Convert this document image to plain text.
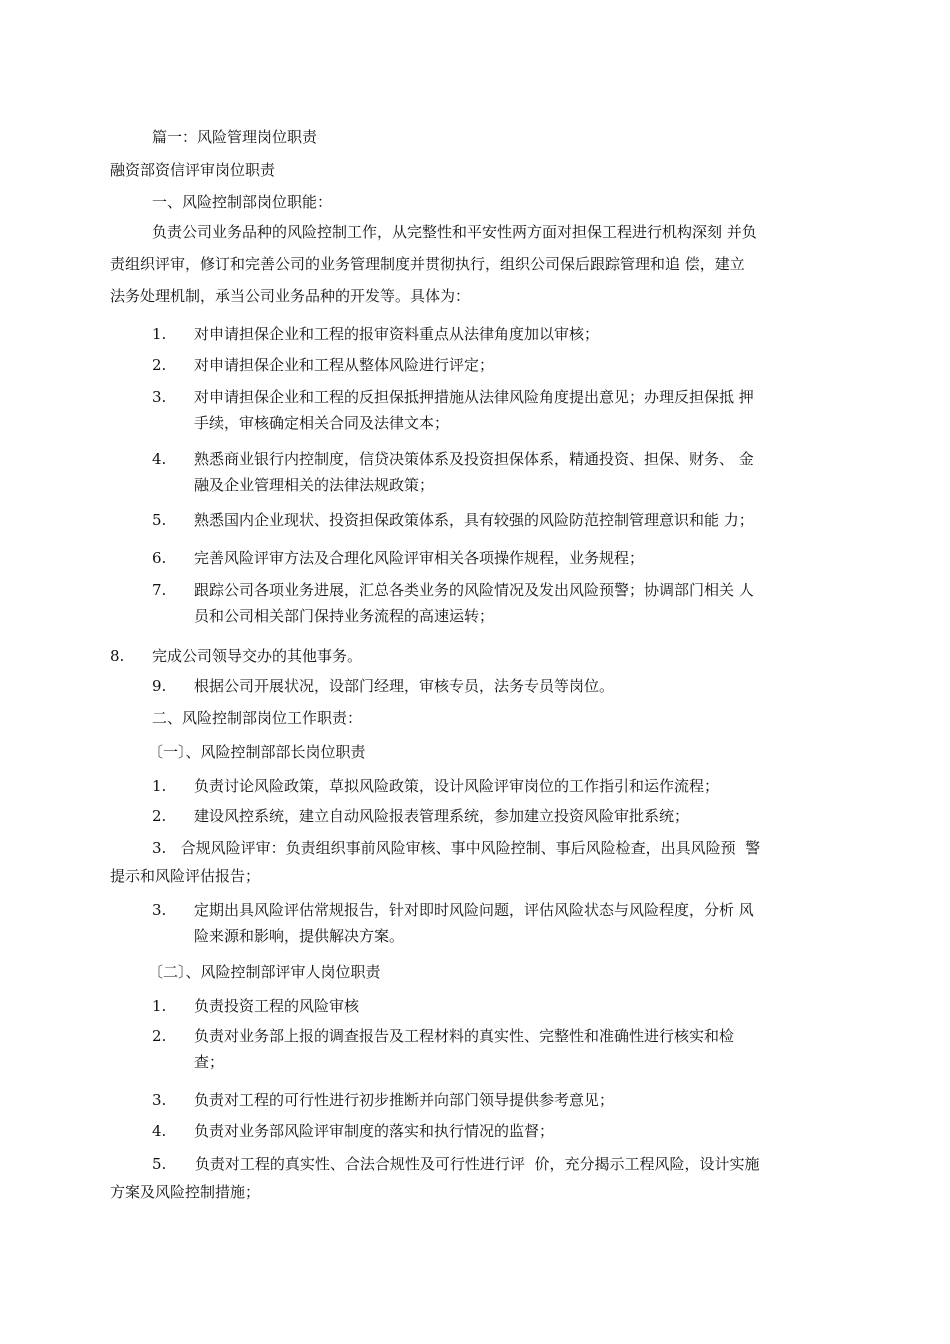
篇一：风险管理岗位职责
融资部资信评审岗位职责
一、风险控制部岗位职能：
负责公司业务品种的风险控制工作，从完整性和平安性两方面对担保工程进行机构深刻 并负
责组织评审，修订和完善公司的业务管理制度并贯彻执行，组织公司保后跟踪管理和追 偿，建立
法务处理机制，承当公司业务品种的开发等。具体为：
1. 对申请担保企业和工程的报审资料重点从法律角度加以审核；
2. 对申请担保企业和工程从整体风险进行评定；
3. 对申请担保企业和工程的反担保抵押措施从法律风险角度提出意见；办理反担保抵 押
手续，审核确定相关合同及法律文本；
4. 熟悉商业银行内控制度，信贷决策体系及投资担保体系，精通投资、担保、财务、 金
融及企业管理相关的法律法规政策；
5. 熟悉国内企业现状、投资担保政策体系，具有较强的风险防范控制管理意识和能 力；
6. 完善风险评审方法及合理化风险评审相关各项操作规程，业务规程；
7. 跟踪公司各项业务进展，汇总各类业务的风险情况及发出风险预警；协调部门相关 人
员和公司相关部门保持业务流程的高速运转；
8. 完成公司领导交办的其他事务。
9. 根据公司开展状况，设部门经理，审核专员，法务专员等岗位。
二、风险控制部岗位工作职责：
〔一〕、风险控制部部长岗位职责
1. 负责讨论风险政策，草拟风险政策，设计风险评审岗位的工作指引和运作流程；
2. 建设风控系统，建立自动风险报表管理系统，参加建立投资风险审批系统；
3.   合规风险评审：负责组织事前风险审核、事中风险控制、事后风险检查，出具风险预  警
提示和风险评估报告；
3. 定期出具风险评估常规报告，针对即时风险问题，评估风险状态与风险程度，分析 风
险来源和影响，提供解决方案。
〔二〕、风险控制部评审人岗位职责
1. 负责投资工程的风险审核
2. 负责对业务部上报的调查报告及工程材料的真实性、完整性和准确性进行核实和检
查；
3. 负责对工程的可行性进行初步推断并向部门领导提供参考意见；
4. 负责对业务部风险评审制度的落实和执行情况的监督；
5.      负责对工程的真实性、合法合规性及可行性进行评  价，充分揭示工程风险，设计实施
方案及风险控制措施；
